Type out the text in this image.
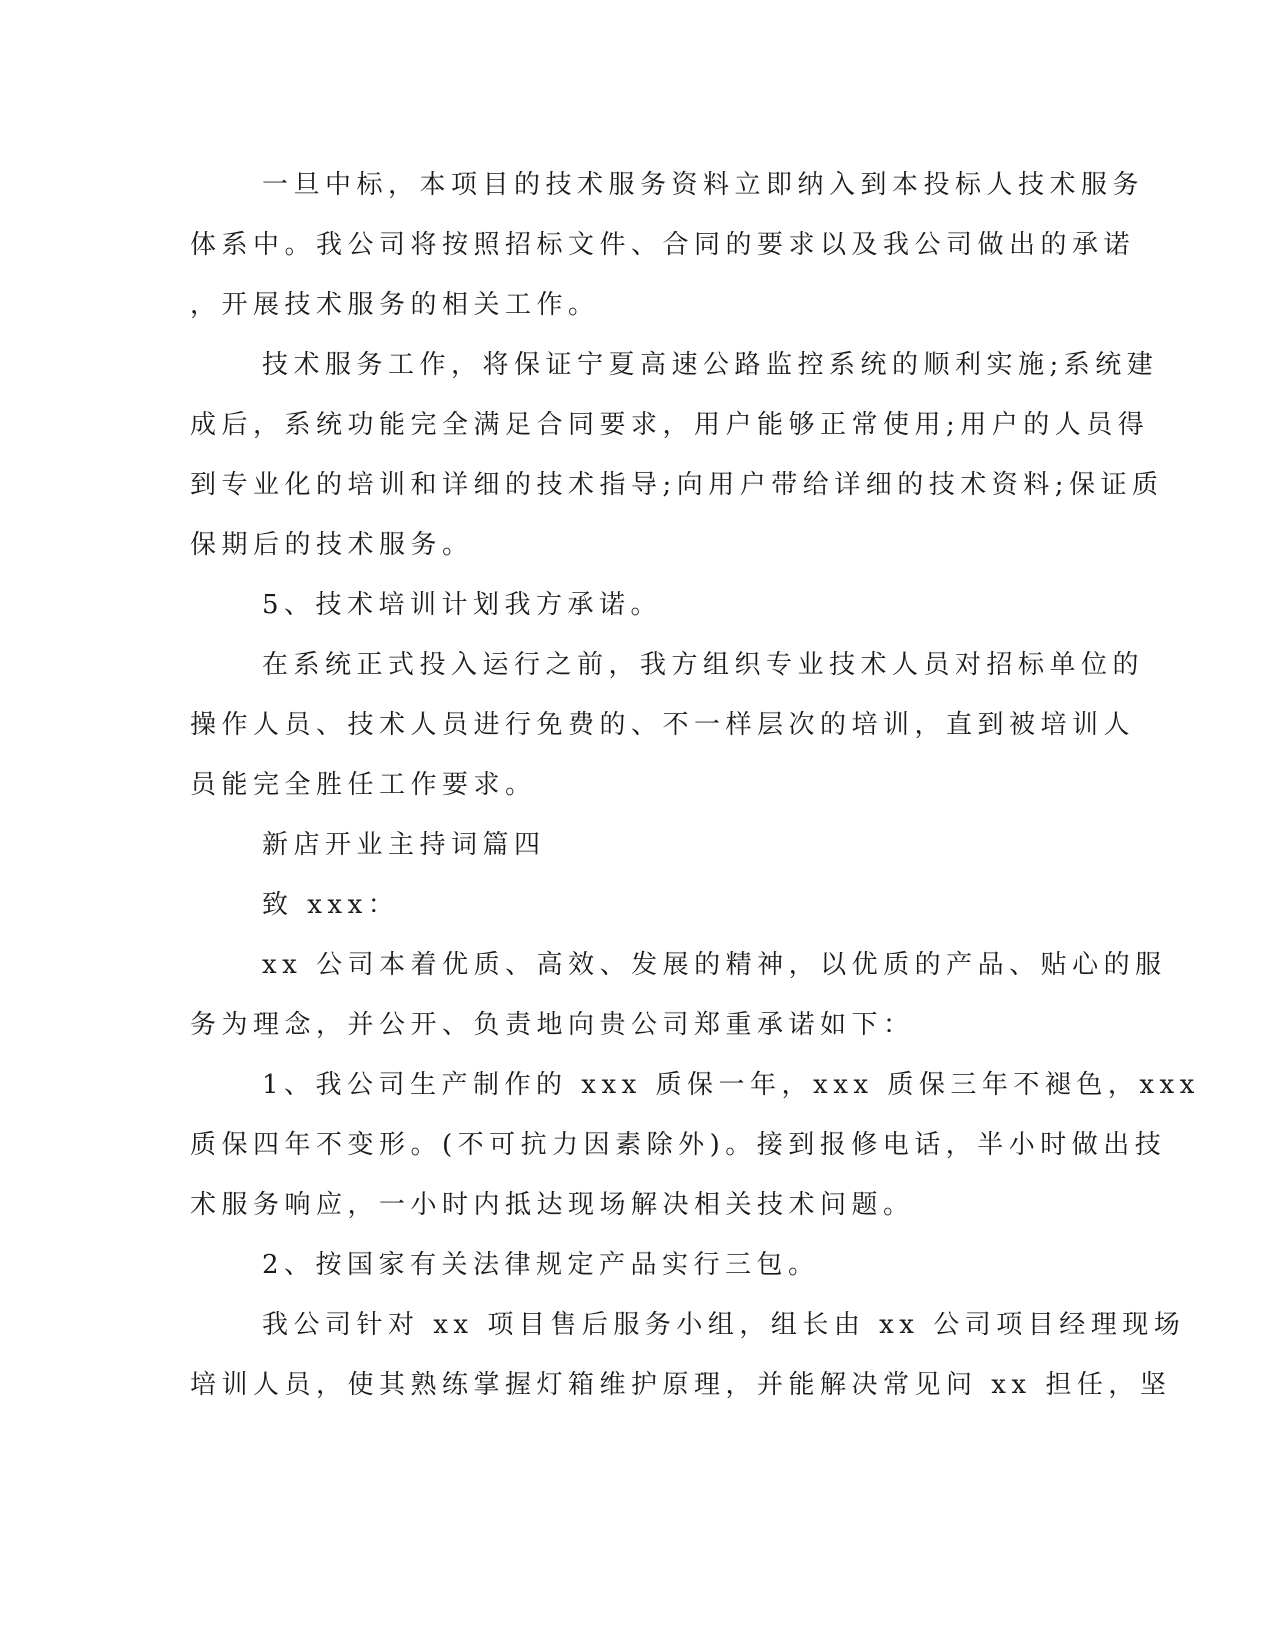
一旦中标，本项目的技术服务资料立即纳入到本投标人技术服务
体系中。我公司将按照招标文件、合同的要求以及我公司做出的承诺
，开展技术服务的相关工作。
技术服务工作，将保证宁夏高速公路监控系统的顺利实施;系统建
成后，系统功能完全满足合同要求，用户能够正常使用;用户的人员得
到专业化的培训和详细的技术指导;向用户带给详细的技术资料;保证质
保期后的技术服务。
5、技术培训计划我方承诺。
在系统正式投入运行之前，我方组织专业技术人员对招标单位的
操作人员、技术人员进行免费的、不一样层次的培训，直到被培训人
员能完全胜任工作要求。
新店开业主持词篇四
致 xxx：
xx 公司本着优质、高效、发展的精神，以优质的产品、贴心的服
务为理念，并公开、负责地向贵公司郑重承诺如下：
1、我公司生产制作的 xxx 质保一年，xxx 质保三年不褪色，xxx
质保四年不变形。(不可抗力因素除外)。接到报修电话，半小时做出技
术服务响应，一小时内抵达现场解决相关技术问题。
2、按国家有关法律规定产品实行三包。
我公司针对 xx 项目售后服务小组，组长由 xx 公司项目经理现场
培训人员，使其熟练掌握灯箱维护原理，并能解决常见问 xx 担任，坚
